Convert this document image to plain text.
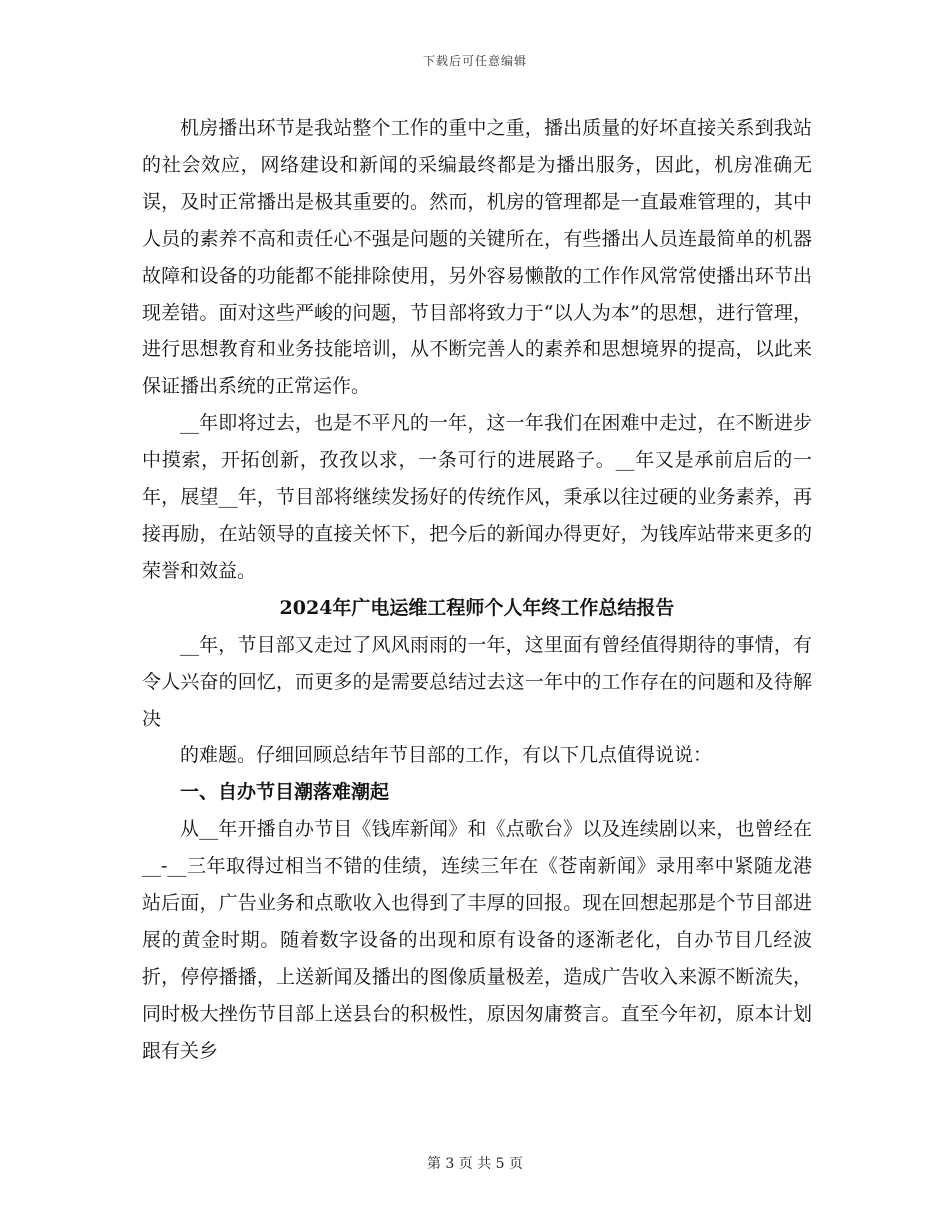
下载后可任意编辑

机房播出环节是我站整个工作的重中之重，播出质量的好坏直接关系到我站的社会效应，网络建设和新闻的采编最终都是为播出服务，因此，机房准确无误，及时正常播出是极其重要的。然而，机房的管理都是一直最难管理的，其中人员的素养不高和责任心不强是问题的关键所在，有些播出人员连最简单的机器故障和设备的功能都不能排除使用，另外容易懒散的工作作风常常使播出环节出现差错。面对这些严峻的问题，节目部将致力于“以人为本”的思想，进行管理，进行思想教育和业务技能培训，从不断完善人的素养和思想境界的提高，以此来保证播出系统的正常运作。

__年即将过去，也是不平凡的一年，这一年我们在困难中走过，在不断进步中摸索，开拓创新，孜孜以求，一条可行的进展路子。__年又是承前启后的一年，展望__年，节目部将继续发扬好的传统作风，秉承以往过硬的业务素养，再接再励，在站领导的直接关怀下，把今后的新闻办得更好，为钱库站带来更多的荣誉和效益。

2024年广电运维工程师个人年终工作总结报告

__年，节目部又走过了风风雨雨的一年，这里面有曾经值得期待的事情，有令人兴奋的回忆，而更多的是需要总结过去这一年中的工作存在的问题和及待解决

的难题。仔细回顾总结年节目部的工作，有以下几点值得说说：

一、自办节目潮落难潮起

从__年开播自办节目《钱库新闻》和《点歌台》以及连续剧以来，也曾经在__-__三年取得过相当不错的佳绩，连续三年在《苍南新闻》录用率中紧随龙港站后面，广告业务和点歌收入也得到了丰厚的回报。现在回想起那是个节目部进展的黄金时期。随着数字设备的出现和原有设备的逐渐老化，自办节目几经波折，停停播播，上送新闻及播出的图像质量极差，造成广告收入来源不断流失，同时极大挫伤节目部上送县台的积极性，原因匆庸赘言。直至今年初，原本计划跟有关乡

第 3 页 共 5 页
